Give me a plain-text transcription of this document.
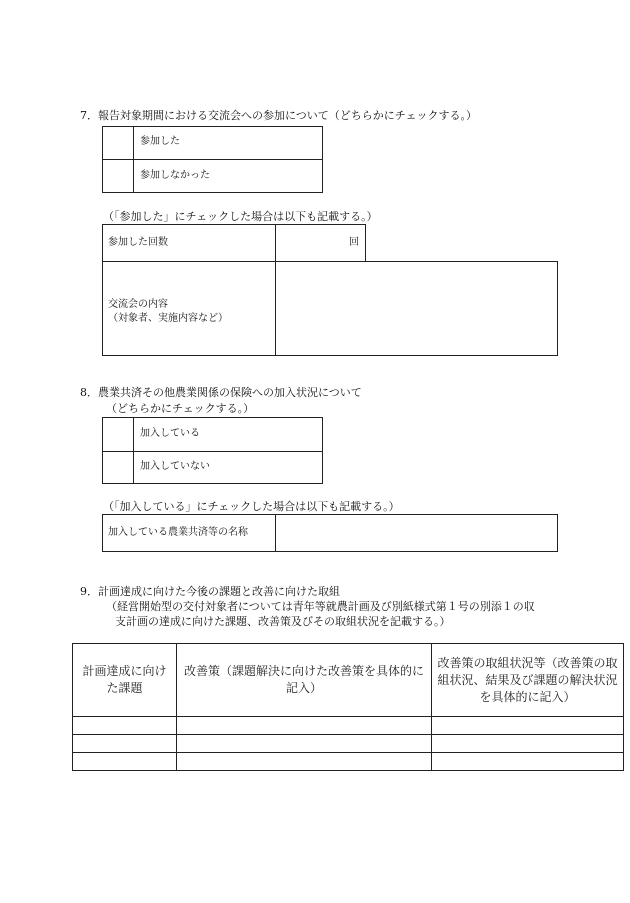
7．報告対象期間における交流会への参加について（どちらかにチェックする。）
参加した
参加しなかった
（「参加した」にチェックした場合は以下も記載する。）
参加した回数	回
交流会の内容
（対象者、実施内容など）
8．農業共済その他農業関係の保険への加入状況について
（どちらかにチェックする。）
加入している
加入していない
（「加入している」にチェックした場合は以下も記載する。）
加入している農業共済等の名称
9．計画達成に向けた今後の課題と改善に向けた取組
（経営開始型の交付対象者については青年等就農計画及び別紙様式第１号の別添１の収
支計画の達成に向けた課題、改善策及びその取組状況を記載する。）
計画達成に向けた課題	改善策（課題解決に向けた改善策を具体的に記入）	改善策の取組状況等（改善策の取組状況、結果及び課題の解決状況を具体的に記入）
